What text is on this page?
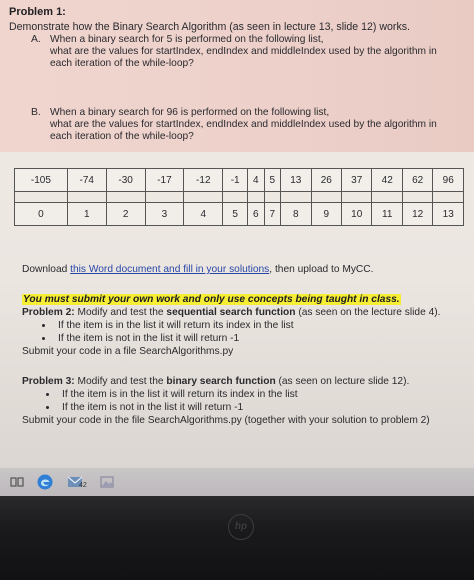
Problem 1:
Demonstrate how the Binary Search Algorithm (as seen in lecture 13, slide 12) works.
A. When a binary search for 5 is performed on the following list,
what are the values for startIndex, endIndex and middleIndex used by the algorithm in
each iteration of the while-loop?
B. When a binary search for 96 is performed on the following list,
what are the values for startIndex, endIndex and middleIndex used by the algorithm in
each iteration of the while-loop?
-105	-74	-30	-17	-12	-1	4	5	13	26	37	42	62	96

0	1	2	3	4	5	6	7	8	9	10	11	12	13
Download this Word document and fill in your solutions, then upload to MyCC.
You must submit your own work and only use concepts being taught in class.
Problem 2: Modify and test the sequential search function (as seen on the lecture slide 4).
If the item is in the list it will return its index in the list
If the item is not in the list it will return -1
Submit your code in a file SearchAlgorithms.py
Problem 3: Modify and test the binary search function (as seen on lecture slide 12).
If the item is in the list it will return its index in the list
If the item is not in the list it will return -1
Submit your code in the file SearchAlgorithms.py (together with your solution to problem 2)
42
hp
